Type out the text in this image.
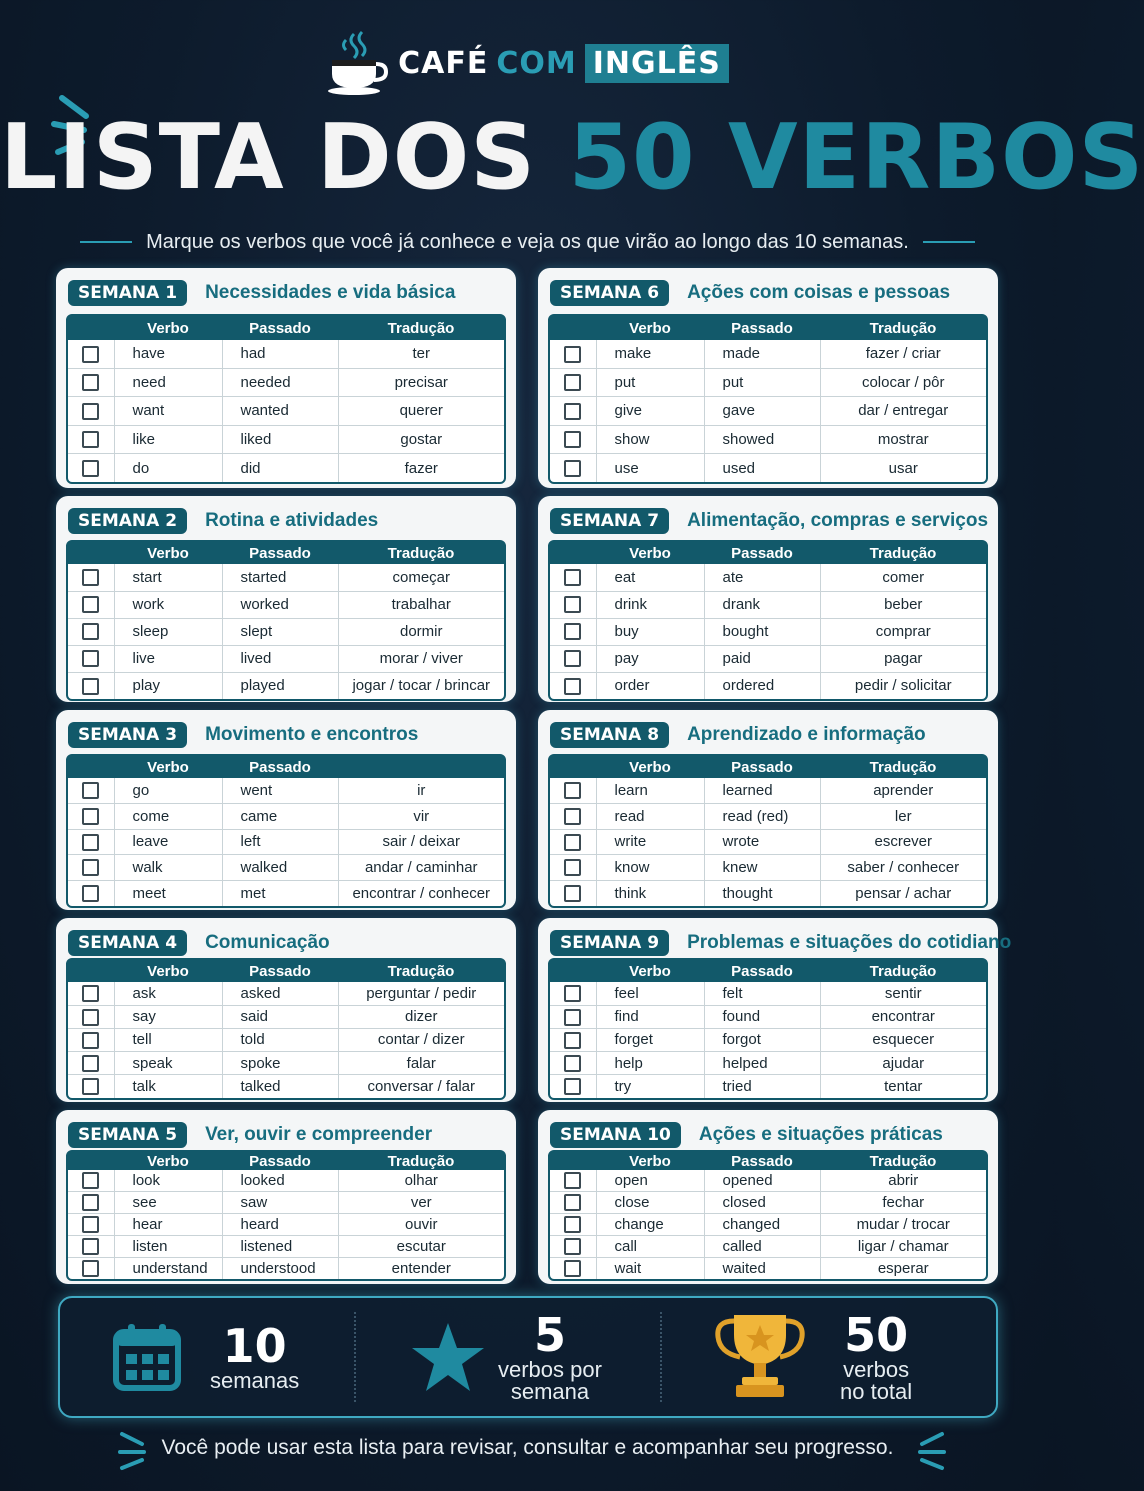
CAFÉ COM INGLÊS
LISTA DOS 50 VERBOS
Marque os verbos que você já conhece e veja os que virão ao longo das 10 semanas.
SEMANA 1	Necessidades e vida básica
	Verbo	Passado	Tradução
	have	had	ter
	need	needed	precisar
	want	wanted	querer
	like	liked	gostar
	do	did	fazer
SEMANA 2	Rotina e atividades
	Verbo	Passado	Tradução
	start	started	começar
	work	worked	trabalhar
	sleep	slept	dormir
	live	lived	morar / viver
	play	played	jogar / tocar / brincar
SEMANA 3	Movimento e encontros
	Verbo	Passado	
	go	went	ir
	come	came	vir
	leave	left	sair / deixar
	walk	walked	andar / caminhar
	meet	met	encontrar / conhecer
SEMANA 4	Comunicação
	Verbo	Passado	Tradução
	ask	asked	perguntar / pedir
	say	said	dizer
	tell	told	contar / dizer
	speak	spoke	falar
	talk	talked	conversar / falar
SEMANA 5	Ver, ouvir e compreender
	Verbo	Passado	Tradução
	look	looked	olhar
	see	saw	ver
	hear	heard	ouvir
	listen	listened	escutar
	understand	understood	entender
SEMANA 6	Ações com coisas e pessoas
	Verbo	Passado	Tradução
	make	made	fazer / criar
	put	put	colocar / pôr
	give	gave	dar / entregar
	show	showed	mostrar
	use	used	usar
SEMANA 7	Alimentação, compras e serviços
	Verbo	Passado	Tradução
	eat	ate	comer
	drink	drank	beber
	buy	bought	comprar
	pay	paid	pagar
	order	ordered	pedir / solicitar
SEMANA 8	Aprendizado e informação
	Verbo	Passado	Tradução
	learn	learned	aprender
	read	read (red)	ler
	write	wrote	escrever
	know	knew	saber / conhecer
	think	thought	pensar / achar
SEMANA 9	Problemas e situações do cotidiano
	Verbo	Passado	Tradução
	feel	felt	sentir
	find	found	encontrar
	forget	forgot	esquecer
	help	helped	ajudar
	try	tried	tentar
SEMANA 10	Ações e situações práticas
	Verbo	Passado	Tradução
	open	opened	abrir
	close	closed	fechar
	change	changed	mudar / trocar
	call	called	ligar / chamar
	wait	waited	esperar
10
semanas
5
verbos por
semana
50
verbos
no total
Você pode usar esta lista para revisar, consultar e acompanhar seu progresso.
